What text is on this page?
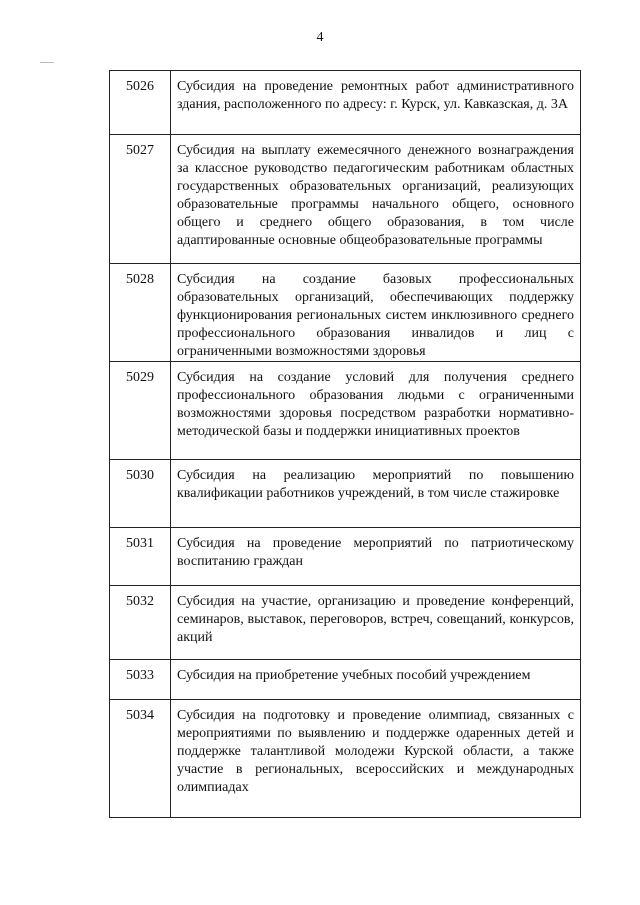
4
5026	Субсидия на проведение ремонтных работ административного здания, расположенного по адресу: г. Курск, ул. Кавказская, д. 3А
5027	Субсидия на выплату ежемесячного денежного вознаграждения за классное руководство педагогическим работникам областных государственных образовательных организаций, реализующих образовательные программы начального общего, основного общего и среднего общего образования, в том числе адаптированные основные общеобразовательные программы
5028	Субсидия на создание базовых профессиональных образовательных организаций, обеспечивающих поддержку функционирования региональных систем инклюзивного среднего профессионального образования инвалидов и лиц с ограниченными возможностями здоровья
5029	Субсидия на создание условий для получения среднего профессионального образования людьми с ограниченными возможностями здоровья посредством разработки нормативно-методической базы и поддержки инициативных проектов
5030	Субсидия на реализацию мероприятий по повышению квалификации работников учреждений, в том числе стажировке
5031	Субсидия на проведение мероприятий по патриотическому воспитанию граждан
5032	Субсидия на участие, организацию и проведение конференций, семинаров, выставок, переговоров, встреч, совещаний, конкурсов, акций
5033	Субсидия на приобретение учебных пособий учреждением
5034	Субсидия на подготовку и проведение олимпиад, связанных с мероприятиями по выявлению и поддержке одаренных детей и поддержке талантливой молодежи Курской области, а также участие в региональных, всероссийских и международных олимпиадах
